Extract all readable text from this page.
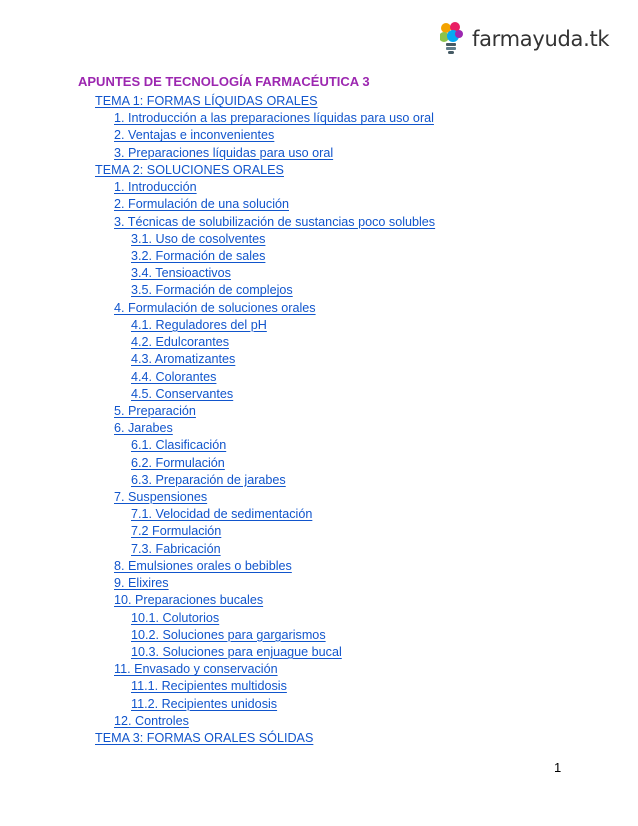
farmayuda.tk
APUNTES DE TECNOLOGÍA FARMACÉUTICA 3
TEMA 1: FORMAS LÍQUIDAS ORALES
1. Introducción a las preparaciones líquidas para uso oral
2. Ventajas e inconvenientes
3. Preparaciones líquidas para uso oral
TEMA 2: SOLUCIONES ORALES
1. Introducción
2. Formulación de una solución
3. Técnicas de solubilización de sustancias poco solubles
3.1. Uso de cosolventes
3.2. Formación de sales
3.4. Tensioactivos
3.5. Formación de complejos
4. Formulación de soluciones orales
4.1. Reguladores del pH
4.2. Edulcorantes
4.3. Aromatizantes
4.4. Colorantes
4.5. Conservantes
5. Preparación
6. Jarabes
6.1. Clasificación
6.2. Formulación
6.3. Preparación de jarabes
7. Suspensiones
7.1. Velocidad de sedimentación
7.2 Formulación
7.3. Fabricación
8. Emulsiones orales o bebibles
9. Elixires
10. Preparaciones bucales
10.1. Colutorios
10.2. Soluciones para gargarismos
10.3. Soluciones para enjuague bucal
11. Envasado y conservación
11.1. Recipientes multidosis
11.2. Recipientes unidosis
12. Controles
TEMA 3: FORMAS ORALES SÓLIDAS
1
